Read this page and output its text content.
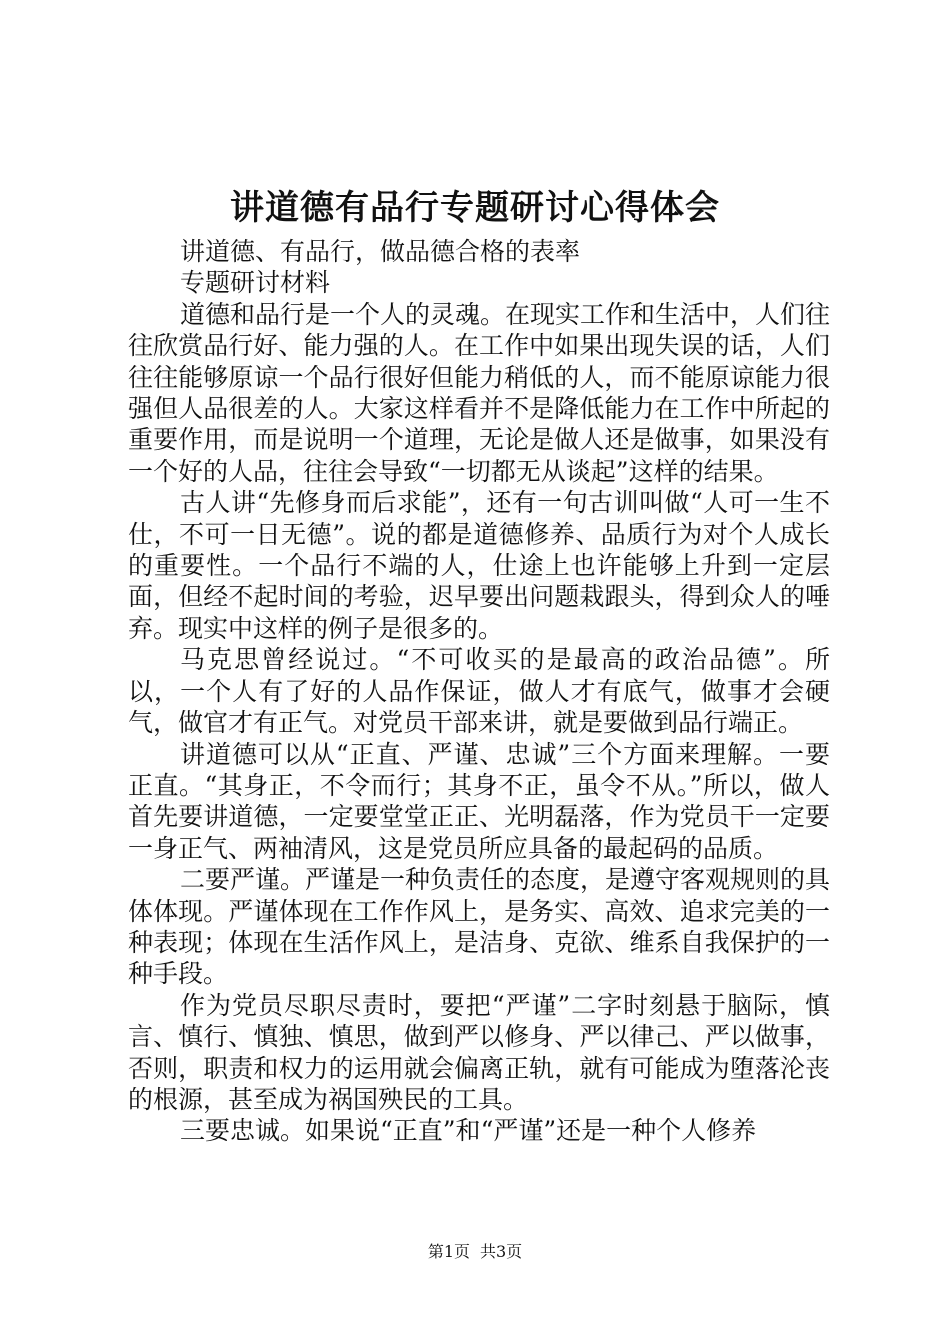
讲道德有品行专题研讨心得体会

讲道德、有品行，做品德合格的表率

专题研讨材料

道德和品行是一个人的灵魂。在现实工作和生活中，人们往往欣赏品行好、能力强的人。在工作中如果出现失误的话，人们往往能够原谅一个品行很好但能力稍低的人，而不能原谅能力很强但人品很差的人。大家这样看并不是降低能力在工作中所起的重要作用，而是说明一个道理，无论是做人还是做事，如果没有一个好的人品，往往会导致“一切都无从谈起”这样的结果。

古人讲“先修身而后求能”，还有一句古训叫做“人可一生不仕，不可一日无德”。说的都是道德修养、品质行为对个人成长的重要性。一个品行不端的人，仕途上也许能够上升到一定层面，但经不起时间的考验，迟早要出问题栽跟头，得到众人的唾弃。现实中这样的例子是很多的。

马克思曾经说过。“不可收买的是最高的政治品德”。所以，一个人有了好的人品作保证，做人才有底气，做事才会硬气，做官才有正气。对党员干部来讲，就是要做到品行端正。

讲道德可以从“正直、严谨、忠诚”三个方面来理解。一要正直。“其身正，不令而行；其身不正，虽令不从。”所以，做人首先要讲道德，一定要堂堂正正、光明磊落，作为党员干一定要一身正气、两袖清风，这是党员所应具备的最起码的品质。

二要严谨。严谨是一种负责任的态度，是遵守客观规则的具体体现。严谨体现在工作作风上，是务实、高效、追求完美的一种表现；体现在生活作风上，是洁身、克欲、维系自我保护的一种手段。

作为党员尽职尽责时，要把“严谨”二字时刻悬于脑际，慎言、慎行、慎独、慎思，做到严以修身、严以律己、严以做事，否则，职责和权力的运用就会偏离正轨，就有可能成为堕落沦丧的根源，甚至成为祸国殃民的工具。

三要忠诚。如果说“正直”和“严谨”还是一种个人修养

第1页 共3页
